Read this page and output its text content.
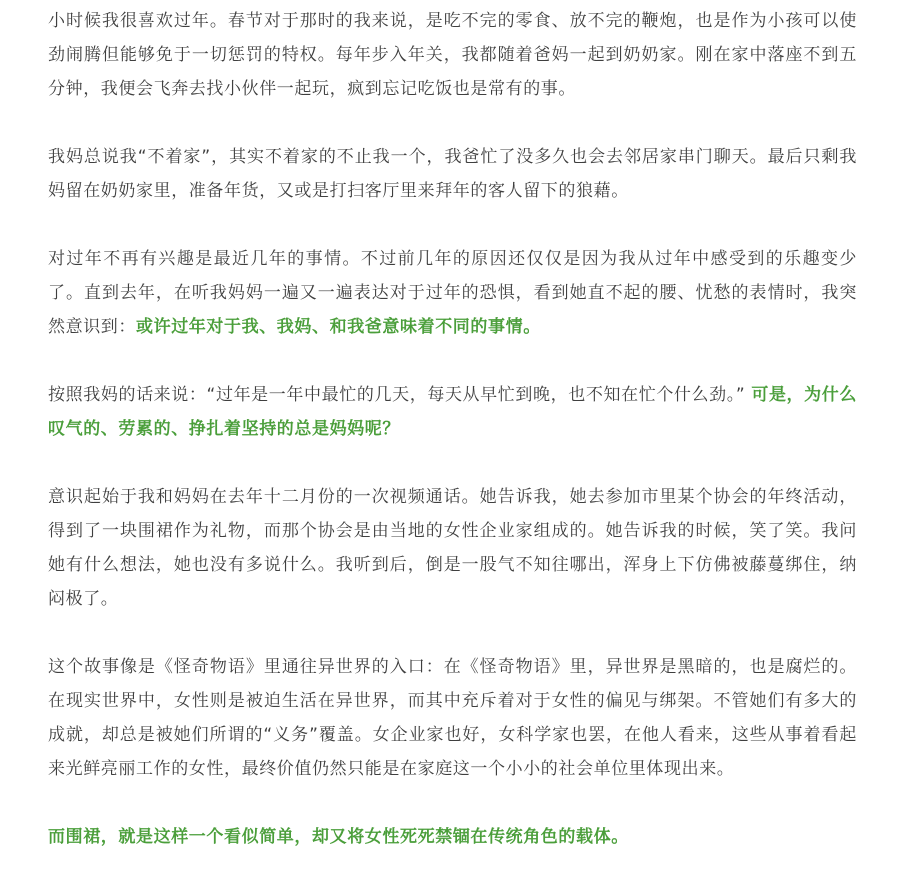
小时候我很喜欢过年。春节对于那时的我来说，是吃不完的零食、放不完的鞭炮，也是作为小孩可以使劲闹腾但能够免于一切惩罚的特权。每年步入年关，我都随着爸妈一起到奶奶家。刚在家中落座不到五分钟，我便会飞奔去找小伙伴一起玩，疯到忘记吃饭也是常有的事。

我妈总说我“不着家”，其实不着家的不止我一个，我爸忙了没多久也会去邻居家串门聊天。最后只剩我妈留在奶奶家里，准备年货，又或是打扫客厅里来拜年的客人留下的狼藉。

对过年不再有兴趣是最近几年的事情。不过前几年的原因还仅仅是因为我从过年中感受到的乐趣变少了。直到去年，在听我妈妈一遍又一遍表达对于过年的恐惧，看到她直不起的腰、忧愁的表情时，我突然意识到：或许过年对于我、我妈、和我爸意味着不同的事情。

按照我妈的话来说：“过年是一年中最忙的几天，每天从早忙到晚，也不知在忙个什么劲。” 可是，为什么叹气的、劳累的、挣扎着坚持的总是妈妈呢？

意识起始于我和妈妈在去年十二月份的一次视频通话。她告诉我，她去参加市里某个协会的年终活动，得到了一块围裙作为礼物，而那个协会是由当地的女性企业家组成的。她告诉我的时候，笑了笑。我问她有什么想法，她也没有多说什么。我听到后，倒是一股气不知往哪出，浑身上下仿佛被藤蔓绑住，纳闷极了。

这个故事像是《怪奇物语》里通往异世界的入口：在《怪奇物语》里，异世界是黑暗的，也是腐烂的。在现实世界中，女性则是被迫生活在异世界，而其中充斥着对于女性的偏见与绑架。不管她们有多大的成就，却总是被她们所谓的“义务”覆盖。女企业家也好，女科学家也罢，在他人看来，这些从事着看起来光鲜亮丽工作的女性，最终价值仍然只能是在家庭这一个小小的社会单位里体现出来。

而围裙，就是这样一个看似简单，却又将女性死死禁锢在传统角色的载体。
